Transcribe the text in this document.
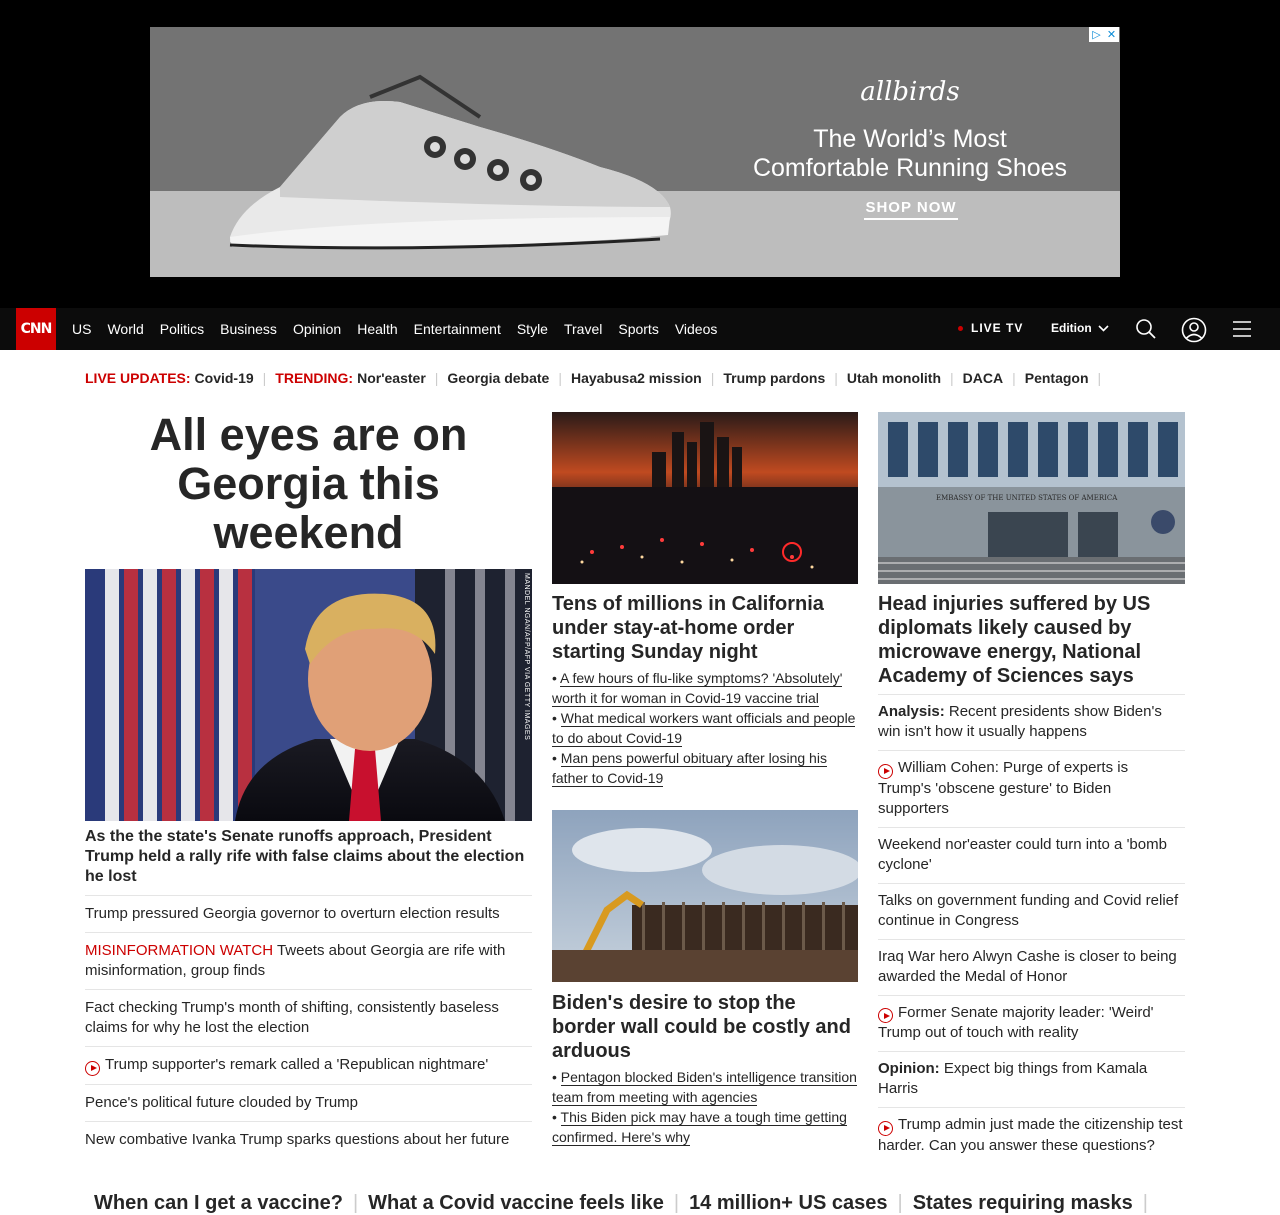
▷ ✕
allbirds
The World’s Most
Comfortable Running Shoes
SHOP NOW
CNN	US World Politics Business Opinion Health Entertainment Style Travel Sports Videos	LIVE TV Edition
LIVE UPDATES: Covid-19 | TRENDING: Nor'easter | Georgia debate | Hayabusa2 mission | Trump pardons | Utah monolith | DACA | Pentagon |
All eyes are on Georgia this weekend
MANDEL NGAN/AFP/AFP VIA GETTY IMAGES
As the the state's Senate runoffs approach, President Trump held a rally rife with false claims about the election he lost
Trump pressured Georgia governor to overturn election results
MISINFORMATION WATCH Tweets about Georgia are rife with misinformation, group finds
Fact checking Trump's month of shifting, consistently baseless claims for why he lost the election
Trump supporter's remark called a 'Republican nightmare'
Pence's political future clouded by Trump
New combative Ivanka Trump sparks questions about her future
Tens of millions in California under stay-at-home order starting Sunday night
• A few hours of flu-like symptoms? 'Absolutely' worth it for woman in Covid-19 vaccine trial
• What medical workers want officials and people to do about Covid-19
• Man pens powerful obituary after losing his father to Covid-19
Biden's desire to stop the border wall could be costly and arduous
• Pentagon blocked Biden's intelligence transition team from meeting with agencies
• This Biden pick may have a tough time getting confirmed. Here's why
EMBASSY OF THE UNITED STATES OF AMERICA
Head injuries suffered by US diplomats likely caused by microwave energy, National Academy of Sciences says
Analysis: Recent presidents show Biden's win isn't how it usually happens
William Cohen: Purge of experts is Trump's 'obscene gesture' to Biden supporters
Weekend nor'easter could turn into a 'bomb cyclone'
Talks on government funding and Covid relief continue in Congress
Iraq War hero Alwyn Cashe is closer to being awarded the Medal of Honor
Former Senate majority leader: 'Weird' Trump out of touch with reality
Opinion: Expect big things from Kamala Harris
Trump admin just made the citizenship test harder. Can you answer these questions?
When can I get a vaccine? | What a Covid vaccine feels like | 14 million+ US cases | States requiring masks |
